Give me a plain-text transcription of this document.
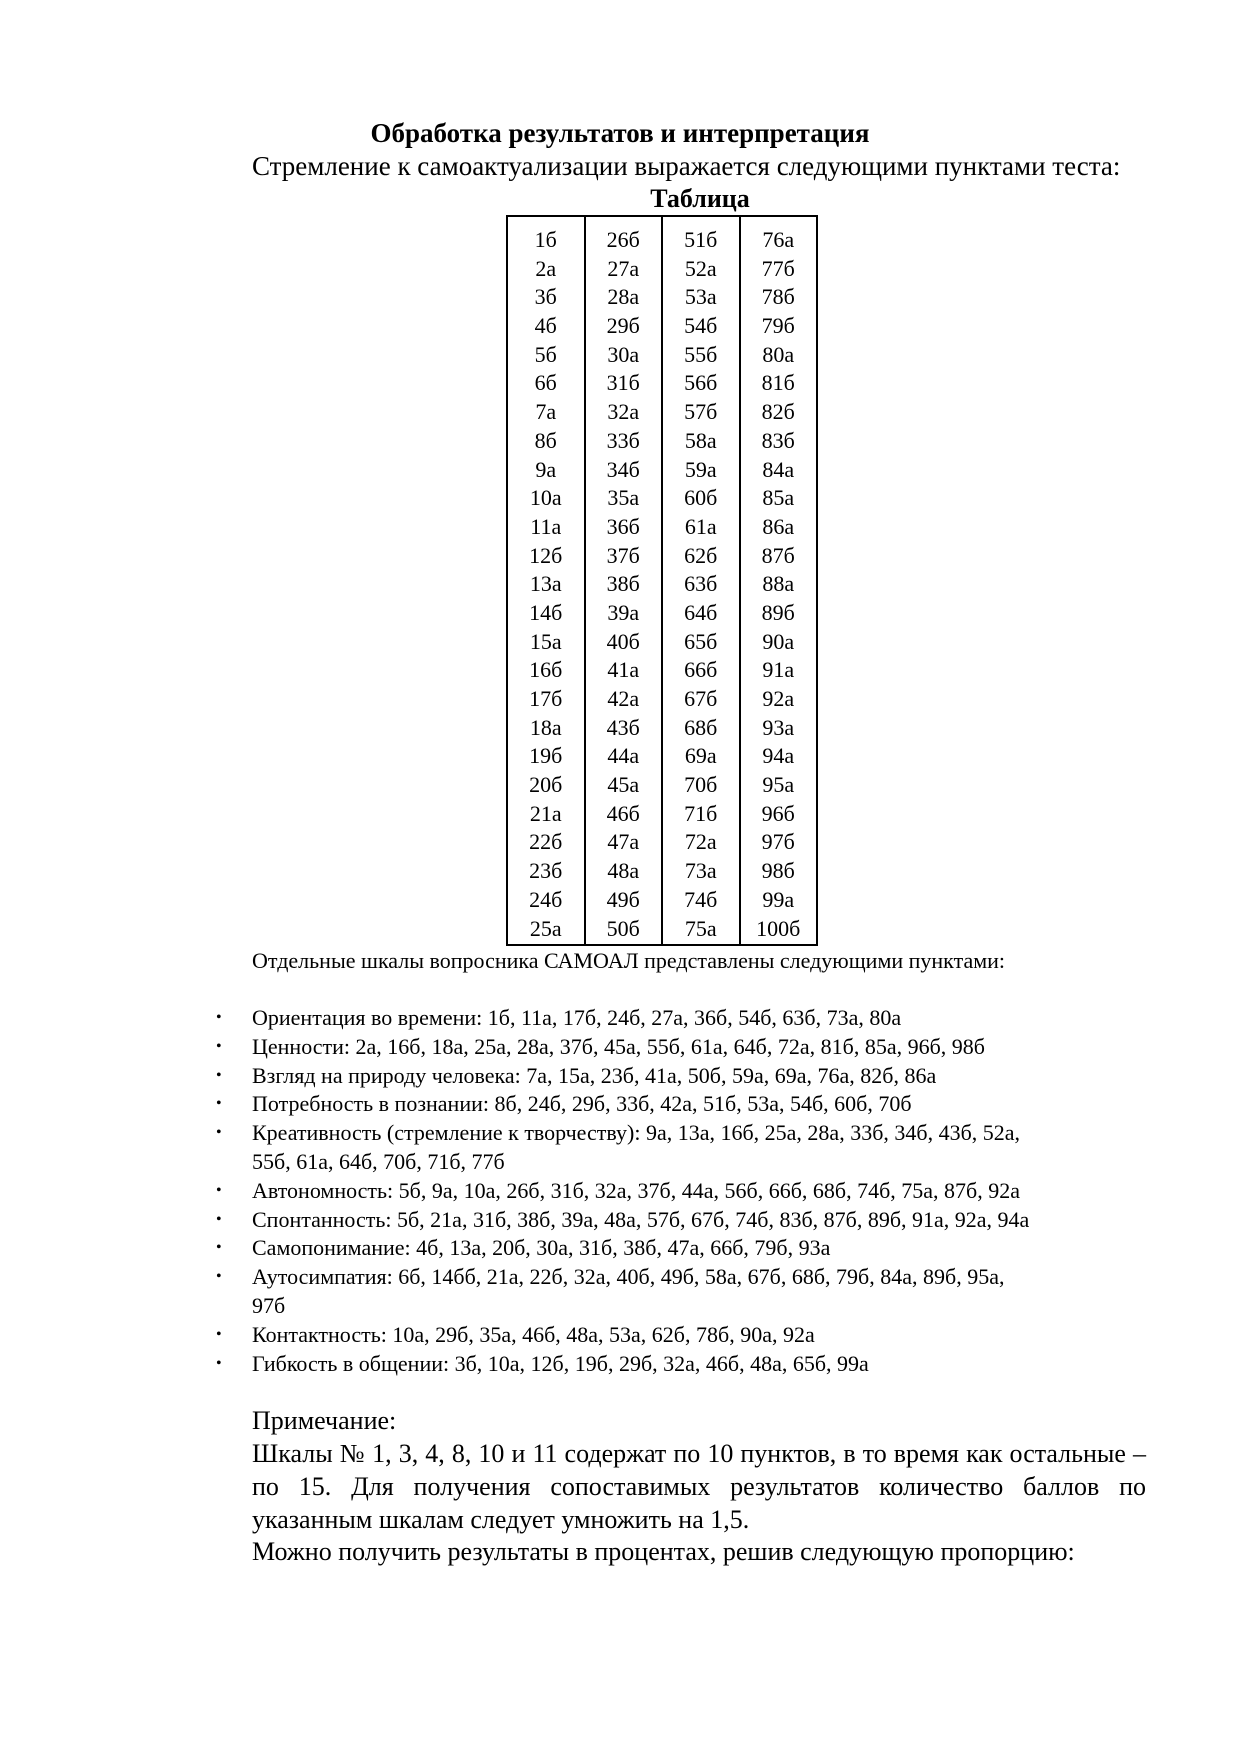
Обработка результатов и интерпретация
Стремление к самоактуализации выражается следующими пунктами теста:
Таблица
1б
2а
3б
4б
5б
6б
7а
8б
9а
10а
11а
12б
13а
14б
15а
16б
17б
18а
19б
20б
21а
22б
23б
24б
25а
26б
27а
28а
29б
30а
31б
32а
33б
34б
35а
36б
37б
38б
39а
40б
41а
42а
43б
44а
45а
46б
47а
48а
49б
50б
51б
52а
53а
54б
55б
56б
57б
58а
59а
60б
61а
62б
63б
64б
65б
66б
67б
68б
69а
70б
71б
72а
73а
74б
75а
76а
77б
78б
79б
80а
81б
82б
83б
84а
85а
86а
87б
88а
89б
90а
91а
92а
93а
94а
95а
96б
97б
98б
99а
100б
Отдельные шкалы вопросника САМОАЛ представлены следующими пунктами:
• Ориентация во времени: 1б, 11а, 17б, 24б, 27а, 36б, 54б, 63б, 73а, 80а
• Ценности: 2а, 16б, 18а, 25а, 28а, 37б, 45а, 55б, 61а, 64б, 72а, 81б, 85а, 96б, 98б
• Взгляд на природу человека: 7а, 15а, 23б, 41а, 50б, 59а, 69а, 76а, 82б, 86а
• Потребность в познании: 8б, 24б, 29б, 33б, 42а, 51б, 53а, 54б, 60б, 70б
• Креативность (стремление к творчеству): 9а, 13а, 16б, 25а, 28а, 33б, 34б, 43б, 52а,
55б, 61а, 64б, 70б, 71б, 77б
• Автономность: 5б, 9а, 10а, 26б, 31б, 32а, 37б, 44а, 56б, 66б, 68б, 74б, 75а, 87б, 92а
• Спонтанность: 5б, 21а, 31б, 38б, 39а, 48а, 57б, 67б, 74б, 83б, 87б, 89б, 91а, 92а, 94а
• Самопонимание: 4б, 13а, 20б, 30а, 31б, 38б, 47а, 66б, 79б, 93а
• Аутосимпатия: 6б, 14бб, 21а, 22б, 32а, 40б, 49б, 58а, 67б, 68б, 79б, 84а, 89б, 95а,
97б
• Контактность: 10а, 29б, 35а, 46б, 48а, 53а, 62б, 78б, 90а, 92а
• Гибкость в общении: 3б, 10а, 12б, 19б, 29б, 32а, 46б, 48а, 65б, 99а
Примечание:
Шкалы № 1, 3, 4, 8, 10 и 11 содержат по 10 пунктов, в то время как остальные – по 15. Для получения сопоставимых результатов количество баллов по указанным шкалам следует умножить на 1,5.
Можно получить результаты в процентах, решив следующую пропорцию:
